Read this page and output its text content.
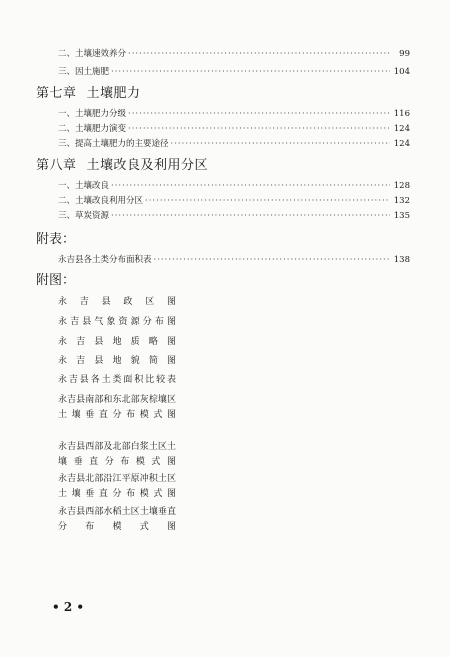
二、土壤速效养分 ·····	99
三、因土施肥 ·····	104
第七章 土壤肥力
一、土壤肥力分级 ·····	116
二、土壤肥力演变 ·····	124
三、提高土壤肥力的主要途径 ·····	124
第八章 土壤改良及利用分区
一、土壤改良 ·····	128
二、土壤改良利用分区 ·····	132
三、草炭资源 ·····	135
附表：
永吉县各土类分布面积表 ·····	138
附图：
永吉县政区图
永吉县气象资源分布图
永吉县地质略图
永吉县地貌简图
永吉县各土类面积比较表
永吉县南部和东北部灰棕壤区土壤垂直分布模式图
永吉县西部及北部白浆土区土壤垂直分布模式图
永吉县北部沿江平原冲积土区土壤垂直分布模式图
永吉县西部水稻土区土壤垂直分布模式图
• 2 •
